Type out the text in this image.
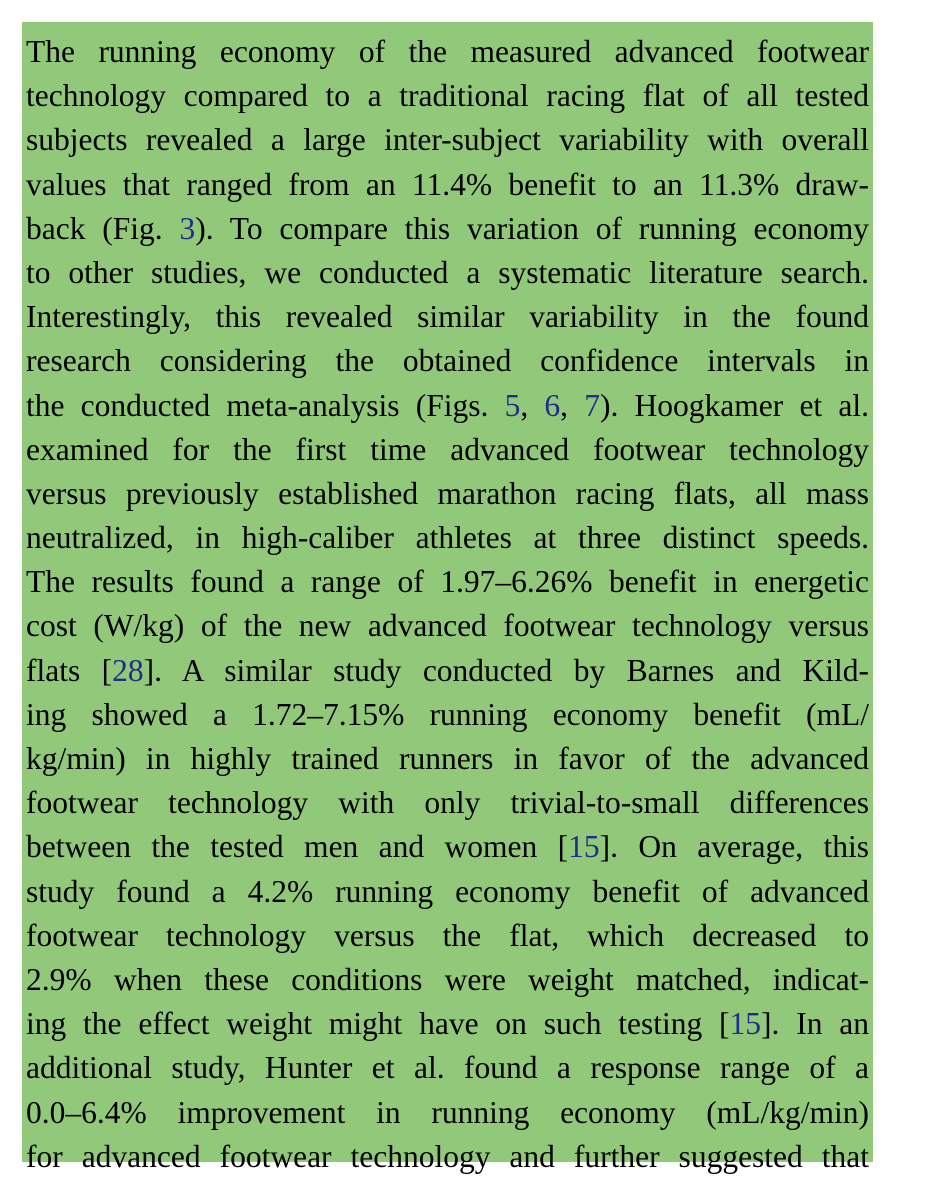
The running economy of the measured advanced footwear
technology compared to a traditional racing flat of all tested
subjects revealed a large inter-subject variability with overall
values that ranged from an 11.4% benefit to an 11.3% draw-
back (Fig. 3). To compare this variation of running economy
to other studies, we conducted a systematic literature search.
Interestingly, this revealed similar variability in the found
research considering the obtained confidence intervals in
the conducted meta-analysis (Figs. 5, 6, 7). Hoogkamer et al.
examined for the first time advanced footwear technology
versus previously established marathon racing flats, all mass
neutralized, in high-caliber athletes at three distinct speeds.
The results found a range of 1.97–6.26% benefit in energetic
cost (W/kg) of the new advanced footwear technology versus
flats [28]. A similar study conducted by Barnes and Kild-
ing showed a 1.72–7.15% running economy benefit (mL/
kg/min) in highly trained runners in favor of the advanced
footwear technology with only trivial-to-small differences
between the tested men and women [15]. On average, this
study found a 4.2% running economy benefit of advanced
footwear technology versus the flat, which decreased to
2.9% when these conditions were weight matched, indicat-
ing the effect weight might have on such testing [15]. In an
additional study, Hunter et al. found a response range of a
0.0–6.4% improvement in running economy (mL/kg/min)
for advanced footwear technology and further suggested that
